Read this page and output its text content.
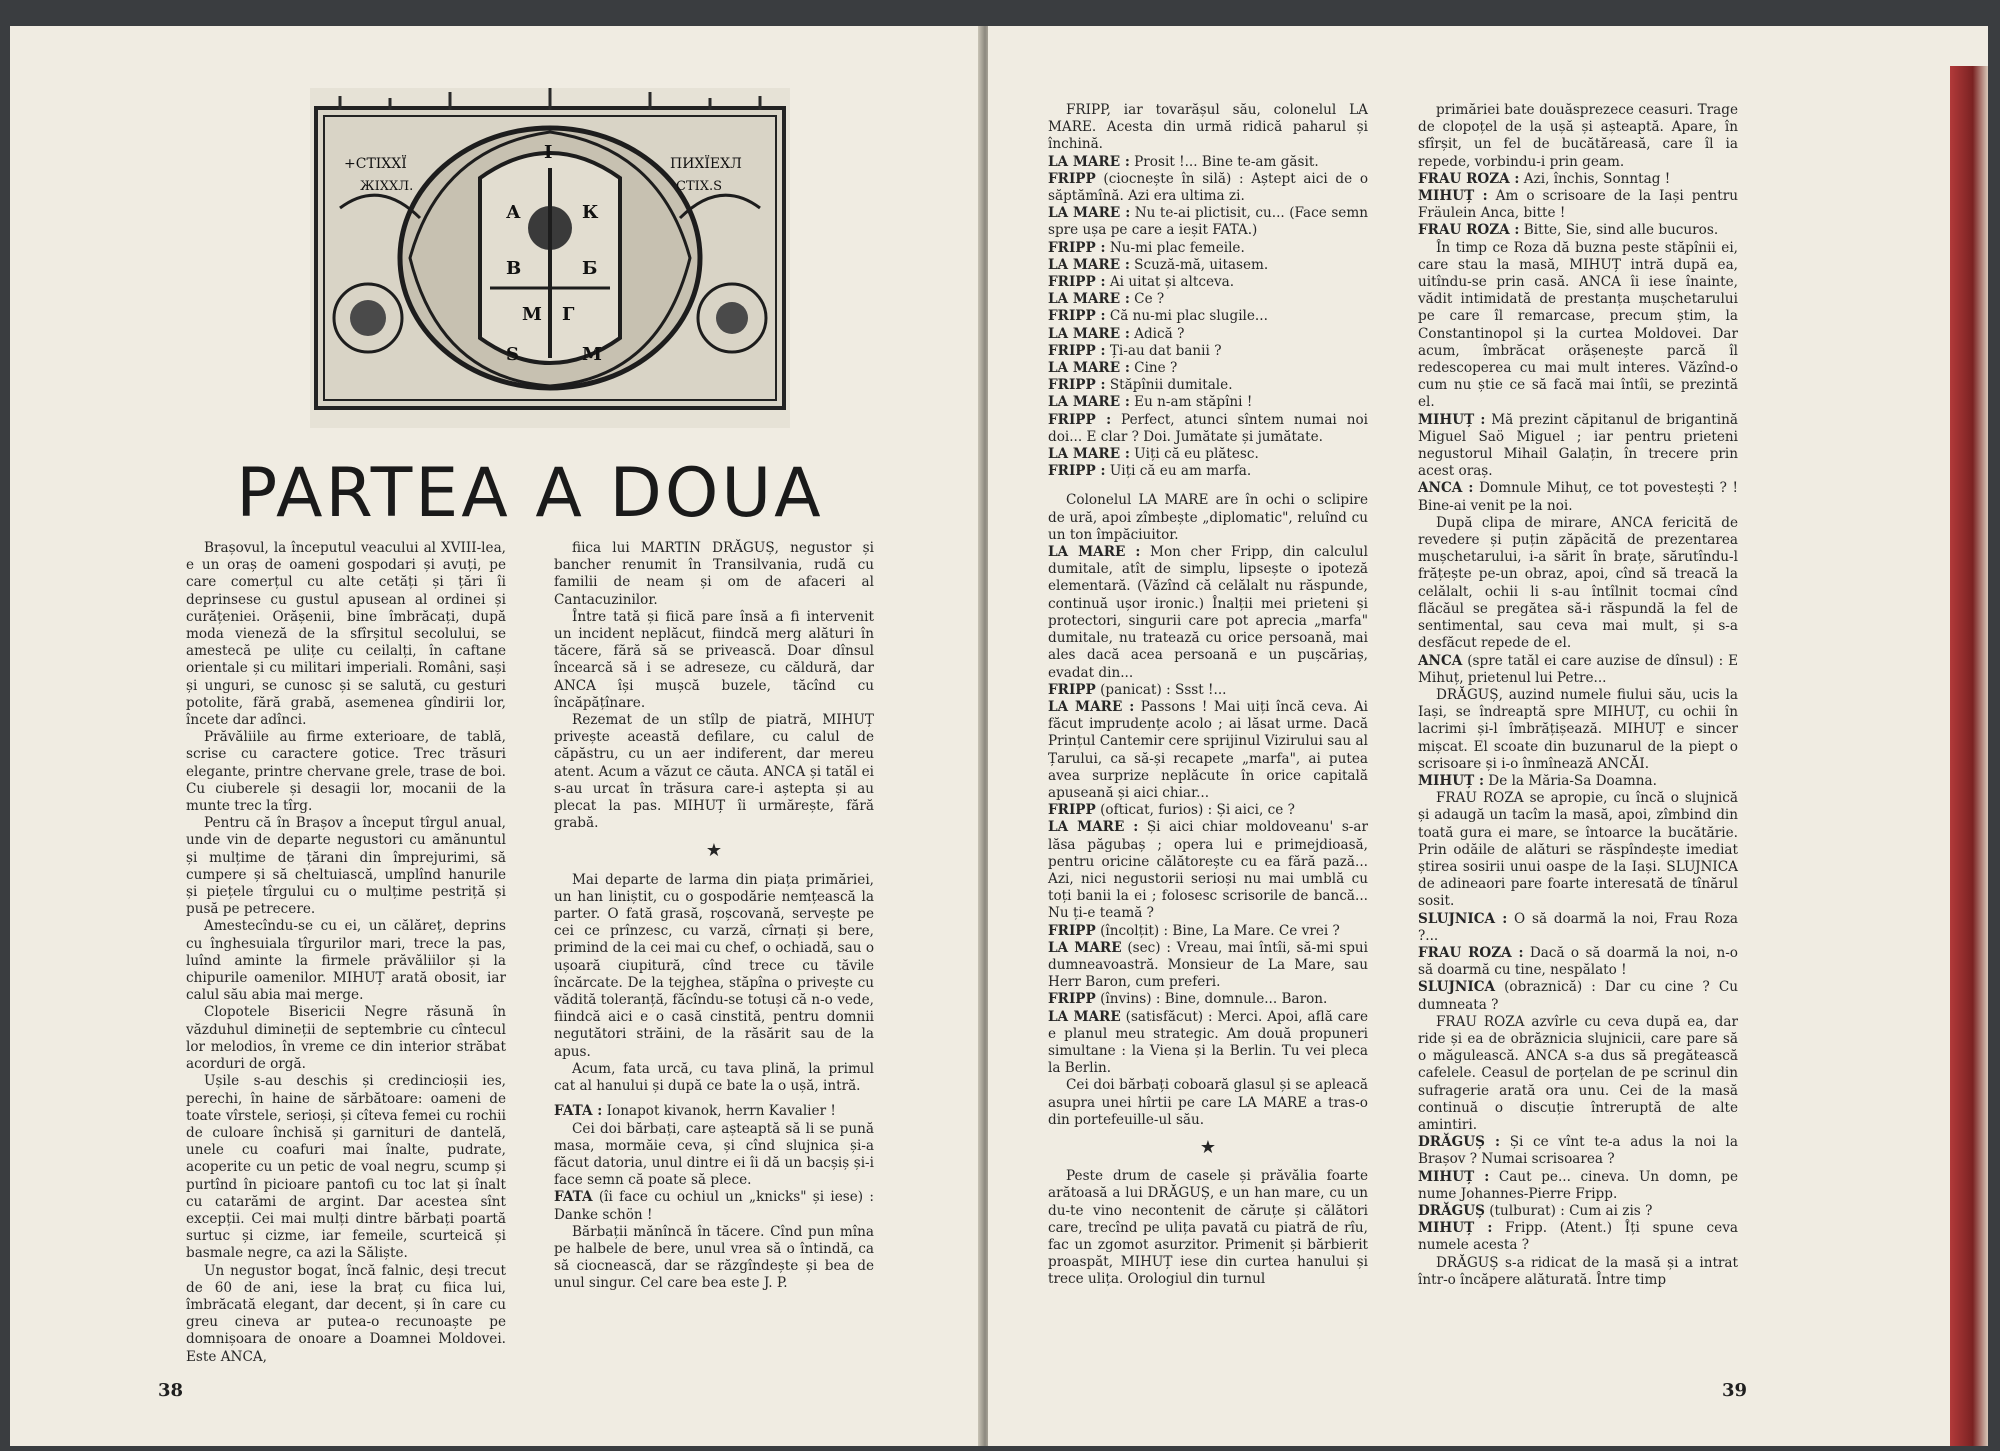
+CTIXXЇ
ЖIXXЛ.
ПИХЇЕХЛ
СТІХ.Ѕ
І
А	К
В	Б
Г
М
Ѕ	М
PARTEA A DOUA

Brașovul, la începutul veacului al XVIII-lea, e un oraș de oameni gospodari și avuți, pe care comerțul cu alte cetăți și țări îi deprinsese cu gustul apusean al ordinei și curățeniei. Orășenii, bine îmbrăcați, după moda vieneză de la sfîrșitul secolului, se amestecă pe ulițe cu ceilalți, în caftane orientale și cu militari imperiali. Români, sași și unguri, se cunosc și se salută, cu gesturi potolite, fără grabă, asemenea gîndirii lor, încete dar adînci.

Prăvăliile au firme exterioare, de tablă, scrise cu caractere gotice. Trec trăsuri elegante, printre chervane grele, trase de boi. Cu ciuberele și desagii lor, mocanii de la munte trec la tîrg.

Pentru că în Brașov a început tîrgul anual, unde vin de departe negustori cu amănuntul și mulțime de țărani din împrejurimi, să cumpere și să cheltuiască, umplînd hanurile și piețele tîrgului cu o mulțime pestriță și pusă pe petrecere.

Amestecîndu-se cu ei, un călăreț, deprins cu înghesuiala tîrgurilor mari, trece la pas, luînd aminte la firmele prăvăliilor și la chipurile oamenilor. MIHUȚ arată obosit, iar calul său abia mai merge.

Clopotele Bisericii Negre răsună în văzduhul dimineții de septembrie cu cîntecul lor melodios, în vreme ce din interior străbat acorduri de orgă.

Ușile s-au deschis și credincioșii ies, perechi, în haine de sărbătoare: oameni de toate vîrstele, serioși, și cîteva femei cu rochii de culoare închisă și garnituri de dantelă, unele cu coafuri mai înalte, pudrate, acoperite cu un petic de voal negru, scump și purtînd în picioare pantofi cu toc lat și înalt cu catarămi de argint. Dar acestea sînt excepții. Cei mai mulți dintre bărbați poartă surtuc și cizme, iar femeile, scurteică și basmale negre, ca azi la Săliște.

Un negustor bogat, încă falnic, deși trecut de 60 de ani, iese la braț cu fiica lui, îmbrăcată elegant, dar decent, și în care cu greu cineva ar putea-o recunoaște pe domnișoara de onoare a Doamnei Moldovei. Este ANCA,

fiica lui MARTIN DRĂGUȘ, negustor și bancher renumit în Transilvania, rudă cu familii de neam și om de afaceri al Cantacuzinilor.

Între tată și fiică pare însă a fi intervenit un incident neplăcut, fiindcă merg alături în tăcere, fără să se privească. Doar dînsul încearcă să i se adreseze, cu căldură, dar ANCA își mușcă buzele, tăcînd cu încăpățînare.

Rezemat de un stîlp de piatră, MIHUȚ privește această defilare, cu calul de căpăstru, cu un aer indiferent, dar mereu atent. Acum a văzut ce căuta. ANCA și tatăl ei s-au urcat în trăsura care-i aștepta și au plecat la pas. MIHUȚ îi urmărește, fără grabă.

★

Mai departe de larma din piața primăriei, un han liniștit, cu o gospodărie nemțească la parter. O fată grasă, roșcovană, servește pe cei ce prînzesc, cu varză, cîrnați și bere, primind de la cei mai cu chef, o ochiadă, sau o ușoară ciupitură, cînd trece cu tăvile încărcate. De la tejghea, stăpîna o privește cu vădită toleranță, făcîndu-se totuși că n-o vede, fiindcă aici e o casă cinstită, pentru domnii negutători străini, de la răsărit sau de la apus.

Acum, fata urcă, cu tava plină, la primul cat al hanului și după ce bate la o ușă, intră.

FATA : Ionapot kivanok, herrn Kavalier !

Cei doi bărbați, care așteaptă să li se pună masa, mormăie ceva, și cînd slujnica și-a făcut datoria, unul dintre ei îi dă un bacșiș și-i face semn că poate să plece.

FATA (îi face cu ochiul un „knicks" și iese) : Danke schön !

Bărbații mănîncă în tăcere. Cînd pun mîna pe halbele de bere, unul vrea să o întindă, ca să ciocnească, dar se răzgîndește și bea de unul singur. Cel care bea este J. P.

38

FRIPP, iar tovarășul său, colonelul LA MARE. Acesta din urmă ridică paharul și închină.

LA MARE : Prosit !... Bine te-am găsit.

FRIPP (ciocnește în silă) : Aștept aici de o săptămînă. Azi era ultima zi.

LA MARE : Nu te-ai plictisit, cu... (Face semn spre ușa pe care a ieșit FATA.)

FRIPP : Nu-mi plac femeile.

LA MARE : Scuză-mă, uitasem.

FRIPP : Ai uitat și altceva.

LA MARE : Ce ?

FRIPP : Că nu-mi plac slugile...

LA MARE : Adică ?

FRIPP : Ți-au dat banii ?

LA MARE : Cine ?

FRIPP : Stăpînii dumitale.

LA MARE : Eu n-am stăpîni !

FRIPP : Perfect, atunci sîntem numai noi doi... E clar ? Doi. Jumătate și jumătate.

LA MARE : Uiți că eu plătesc.

FRIPP : Uiți că eu am marfa.

Colonelul LA MARE are în ochi o sclipire de ură, apoi zîmbește „diplomatic", reluînd cu un ton împăciuitor.

LA MARE : Mon cher Fripp, din calculul dumitale, atît de simplu, lipsește o ipoteză elementară. (Văzînd că celălalt nu răspunde, continuă ușor ironic.) Înalții mei prieteni și protectori, singurii care pot aprecia „marfa" dumitale, nu tratează cu orice persoană, mai ales dacă acea persoană e un pușcăriaș, evadat din...

FRIPP (panicat) : Ssst !...

LA MARE : Passons ! Mai uiți încă ceva. Ai făcut imprudențe acolo ; ai lăsat urme. Dacă Prințul Cantemir cere sprijinul Vizirului sau al Țarului, ca să-și recapete „marfa", ai putea avea surprize neplăcute în orice capitală apuseană și aici chiar...

FRIPP (ofticat, furios) : Și aici, ce ?

LA MARE : Și aici chiar moldoveanu' s-ar lăsa păgubaș ; opera lui e primejdioasă, pentru oricine călătorește cu ea fără pază... Azi, nici negustorii serioși nu mai umblă cu toți banii la ei ; folosesc scrisorile de bancă... Nu ți-e teamă ?

FRIPP (încolțit) : Bine, La Mare. Ce vrei ?

LA MARE (sec) : Vreau, mai întîi, să-mi spui dumneavoastră. Monsieur de La Mare, sau Herr Baron, cum preferi.

FRIPP (învins) : Bine, domnule... Baron.

LA MARE (satisfăcut) : Merci. Apoi, află care e planul meu strategic. Am două propuneri simultane : la Viena și la Berlin. Tu vei pleca la Berlin.

Cei doi bărbați coboară glasul și se apleacă asupra unei hîrtii pe care LA MARE a tras-o din portefeuille-ul său.

★

Peste drum de casele și prăvălia foarte arătoasă a lui DRĂGUȘ, e un han mare, cu un du-te vino necontenit de căruțe și călători care, trecînd pe ulița pavată cu piatră de rîu, fac un zgomot asurzitor. Primenit și bărbierit proaspăt, MIHUȚ iese din curtea hanului și trece ulița. Orologiul din turnul

primăriei bate douăsprezece ceasuri. Trage de clopoțel de la ușă și așteaptă. Apare, în sfîrșit, un fel de bucătăreasă, care îl ia repede, vorbindu-i prin geam.

FRAU ROZA : Azi, închis, Sonntag !

MIHUȚ : Am o scrisoare de la Iași pentru Fräulein Anca, bitte !

FRAU ROZA : Bitte, Sie, sind alle bucuros.

În timp ce Roza dă buzna peste stăpînii ei, care stau la masă, MIHUȚ intră după ea, uitîndu-se prin casă. ANCA îi iese înainte, vădit intimidată de prestanța mușchetarului pe care îl remarcase, precum știm, la Constantinopol și la curtea Moldovei. Dar acum, îmbrăcat orășenește parcă îl redescoperea cu mai mult interes. Văzînd-o cum nu știe ce să facă mai întîi, se prezintă el.

MIHUȚ : Mă prezint căpitanul de brigantină Miguel Saö Miguel ; iar pentru prieteni negustorul Mihail Galațin, în trecere prin acest oraș.

ANCA : Domnule Mihuț, ce tot povestești ? ! Bine-ai venit pe la noi.

După clipa de mirare, ANCA fericită de revedere și puțin zăpăcită de prezentarea mușchetarului, i-a sărit în brațe, sărutîndu-l frățește pe-un obraz, apoi, cînd să treacă la celălalt, ochii li s-au întîlnit tocmai cînd flăcăul se pregătea să-i răspundă la fel de sentimental, sau ceva mai mult, și s-a desfăcut repede de el.

ANCA (spre tatăl ei care auzise de dînsul) : E Mihuț, prietenul lui Petre...

DRĂGUȘ, auzind numele fiului său, ucis la Iași, se îndreaptă spre MIHUȚ, cu ochii în lacrimi și-l îmbrățișează. MIHUȚ e sincer mișcat. El scoate din buzunarul de la piept o scrisoare și i-o înmînează ANCĂI.

MIHUȚ : De la Măria-Sa Doamna.

FRAU ROZA se apropie, cu încă o slujnică și adaugă un tacîm la masă, apoi, zîmbind din toată gura ei mare, se întoarce la bucătărie. Prin odăile de alături se răspîndește imediat știrea sosirii unui oaspe de la Iași. SLUJNICA de adineaori pare foarte interesată de tînărul sosit.

SLUJNICA : O să doarmă la noi, Frau Roza ?...

FRAU ROZA : Dacă o să doarmă la noi, n-o să doarmă cu tine, nespălato !

SLUJNICA (obraznică) : Dar cu cine ? Cu dumneata ?

FRAU ROZA azvîrle cu ceva după ea, dar ride și ea de obrăznicia slujnicii, care pare să o măgulească. ANCA s-a dus să pregătească cafelele. Ceasul de porțelan de pe scrinul din sufragerie arată ora unu. Cei de la masă continuă o discuție întreruptă de alte amintiri.

DRĂGUȘ : Și ce vînt te-a adus la noi la Brașov ? Numai scrisoarea ?

MIHUȚ : Caut pe... cineva. Un domn, pe nume Johannes-Pierre Fripp.

DRĂGUȘ (tulburat) : Cum ai zis ?

MIHUȚ : Fripp. (Atent.) Îți spune ceva numele acesta ?

DRĂGUȘ s-a ridicat de la masă și a intrat într-o încăpere alăturată. Între timp

39
